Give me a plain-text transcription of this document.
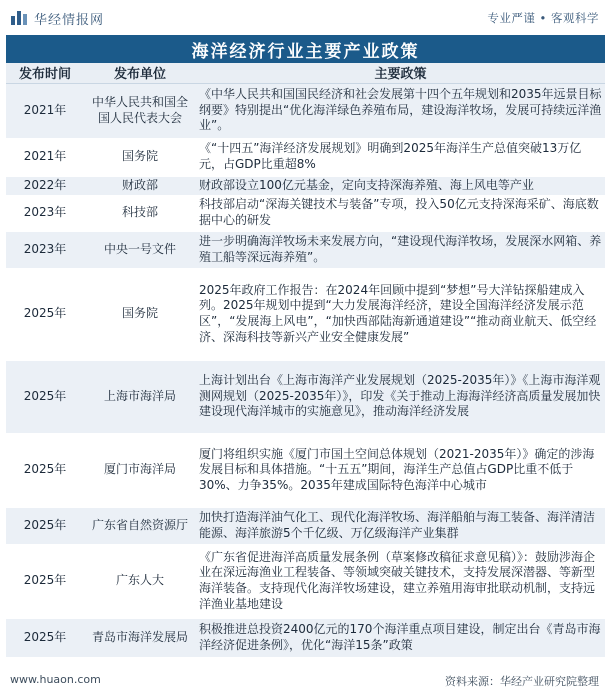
华经情报网	专业严谨 • 客观科学
海洋经济行业主要产业政策
发布时间	发布单位	主要政策
2021年	中华人民共和国全国人民代表大会	《中华人民共和国国民经济和社会发展第十四个五年规划和2035年远景目标纲要》特别提出“优化海洋绿色养殖布局，建设海洋牧场，发展可持续远洋渔业”。
2021年	国务院	《“十四五”海洋经济发展规划》明确到2025年海洋生产总值突破13万亿元，占GDP比重超8%
2022年	财政部	财政部设立100亿元基金，定向支持深海养殖、海上风电等产业
2023年	科技部	科技部启动“深海关键技术与装备”专项，投入50亿元支持深海采矿、海底数据中心的研发
2023年	中央一号文件	进一步明确海洋牧场未来发展方向，“建设现代海洋牧场，发展深水网箱、养殖工船等深远海养殖”。
2025年	国务院	2025年政府工作报告：在2024年回顾中提到“梦想”号大洋钻探船建成入列。2025年规划中提到“大力发展海洋经济，建设全国海洋经济发展示范区”，“发展海上风电”，“加快西部陆海新通道建设”“推动商业航天、低空经济、深海科技等新兴产业安全健康发展”
2025年	上海市海洋局	上海计划出台《上海市海洋产业发展规划（2025-2035年）》《上海市海洋观测网规划（2025-2035年）》，印发《关于推动上海海洋经济高质量发展加快建设现代海洋城市的实施意见》，推动海洋经济发展
2025年	厦门市海洋局	厦门将组织实施《厦门市国土空间总体规划（2021-2035年）》确定的涉海发展目标和具体措施。“十五五”期间，海洋生产总值占GDP比重不低于30%、力争35%。2035年建成国际特色海洋中心城市
2025年	广东省自然资源厅	加快打造海洋油气化工、现代化海洋牧场、海洋船舶与海工装备、海洋清洁能源、海洋旅游5个千亿级、万亿级海洋产业集群
2025年	广东人大	《广东省促进海洋高质量发展条例（草案修改稿征求意见稿）》：鼓励涉海企业在深远海渔业工程装备、等领域突破关键技术，支持发展深潜器、等新型海洋装备。支持现代化海洋牧场建设，建立养殖用海审批联动机制，支持远洋渔业基地建设
2025年	青岛市海洋发展局	积极推进总投资2400亿元的170个海洋重点项目建设，制定出台《青岛市海洋经济促进条例》，优化“海洋15条”政策
www.huaon.com	资料来源：华经产业研究院整理
